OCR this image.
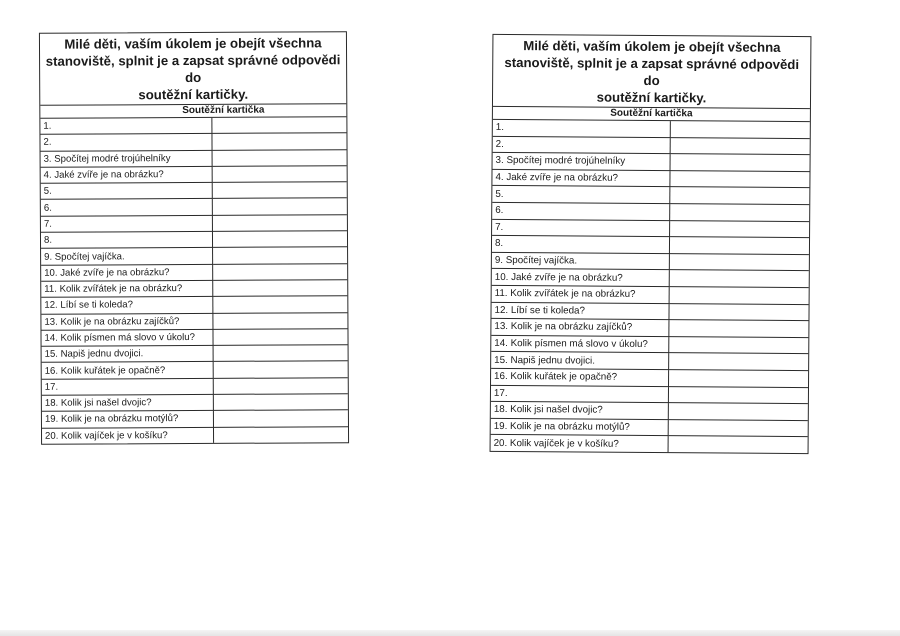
Milé děti, vaším úkolem je obejít všechna
stanoviště, splnit je a zapsat správné odpovědi do
soutěžní kartičky.
Soutěžní kartička
1.	
2.	
3. Spočítej modré trojúhelníky	
4. Jaké zvíře je na obrázku?	
5.	
6.	
7.	
8.	
9. Spočítej vajíčka.	
10. Jaké zvíře je na obrázku?	
11. Kolik zvířátek je na obrázku?	
12. Líbí se ti koleda?	
13. Kolik je na obrázku zajíčků?	
14. Kolik písmen má slovo v úkolu?	
15. Napiš jednu dvojici.	
16. Kolik kuřátek je opačně?	
17.	
18. Kolik jsi našel dvojic?	
19. Kolik je na obrázku motýlů?	
20. Kolik vajíček je v košíku?	
Milé děti, vaším úkolem je obejít všechna
stanoviště, splnit je a zapsat správné odpovědi do
soutěžní kartičky.
Soutěžní kartička
1.	
2.	
3. Spočítej modré trojúhelníky	
4. Jaké zvíře je na obrázku?	
5.	
6.	
7.	
8.	
9. Spočítej vajíčka.	
10. Jaké zvíře je na obrázku?	
11. Kolik zvířátek je na obrázku?	
12. Líbí se ti koleda?	
13. Kolik je na obrázku zajíčků?	
14. Kolik písmen má slovo v úkolu?	
15. Napiš jednu dvojici.	
16. Kolik kuřátek je opačně?	
17.	
18. Kolik jsi našel dvojic?	
19. Kolik je na obrázku motýlů?	
20. Kolik vajíček je v košíku?	
